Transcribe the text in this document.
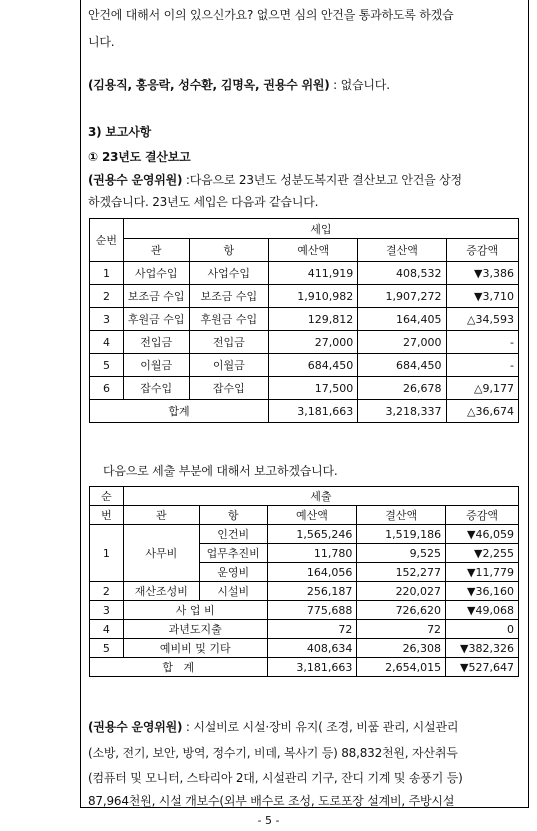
안건에 대해서 이의 있으신가요? 없으면 심의 안건을 통과하도록 하겠습
니다.
(김용직, 홍응락, 성수환, 김명옥, 권용수 위원) : 없습니다.
3) 보고사항
① 23년도 결산보고
(권용수 운영위원) :다음으로 23년도 성분도복지관 결산보고 안건을 상정
하겠습니다. 23년도 세입은 다음과 같습니다.
순번	세입				
	관	항	예산액	결산액	증감액
1	사업수입	사업수입	411,919	408,532	▼3,386
2	보조금 수입	보조금 수입	1,910,982	1,907,272	▼3,710
3	후원금 수입	후원금 수입	129,812	164,405	△34,593
4	전입금	전입금	27,000	27,000	-
5	이월금	이월금	684,450	684,450	-
6	잡수입	잡수입	17,500	26,678	△9,177
합계			3,181,663	3,218,337	△36,674
다음으로 세출 부분에 대해서 보고하겠습니다.
순	세출				
번	관	항	예산액	결산액	증감액
1	사무비	인건비	1,565,246	1,519,186	▼46,059
		업무추진비	11,780	9,525	▼2,255
		운영비	164,056	152,277	▼11,779
2	재산조성비	시설비	256,187	220,027	▼36,160
3	사 업 비		775,688	726,620	▼49,068
4	과년도지출		72	72	0
5	예비비 및 기타		408,634	26,308	▼382,326
합   계			3,181,663	2,654,015	▼527,647
(권용수 운영위원) : 시설비로 시설·장비 유지( 조경, 비품 관리, 시설관리
(소방, 전기, 보안, 방역, 정수기, 비데, 복사기 등) 88,832천원, 자산취득
(컴퓨터 및 모니터, 스타리아 2대, 시설관리 기구, 잔디 기계 및 송풍기 등)
87,964천원, 시설 개보수(외부 배수로 조성, 도로포장 설계비, 주방시설
- 5 -
